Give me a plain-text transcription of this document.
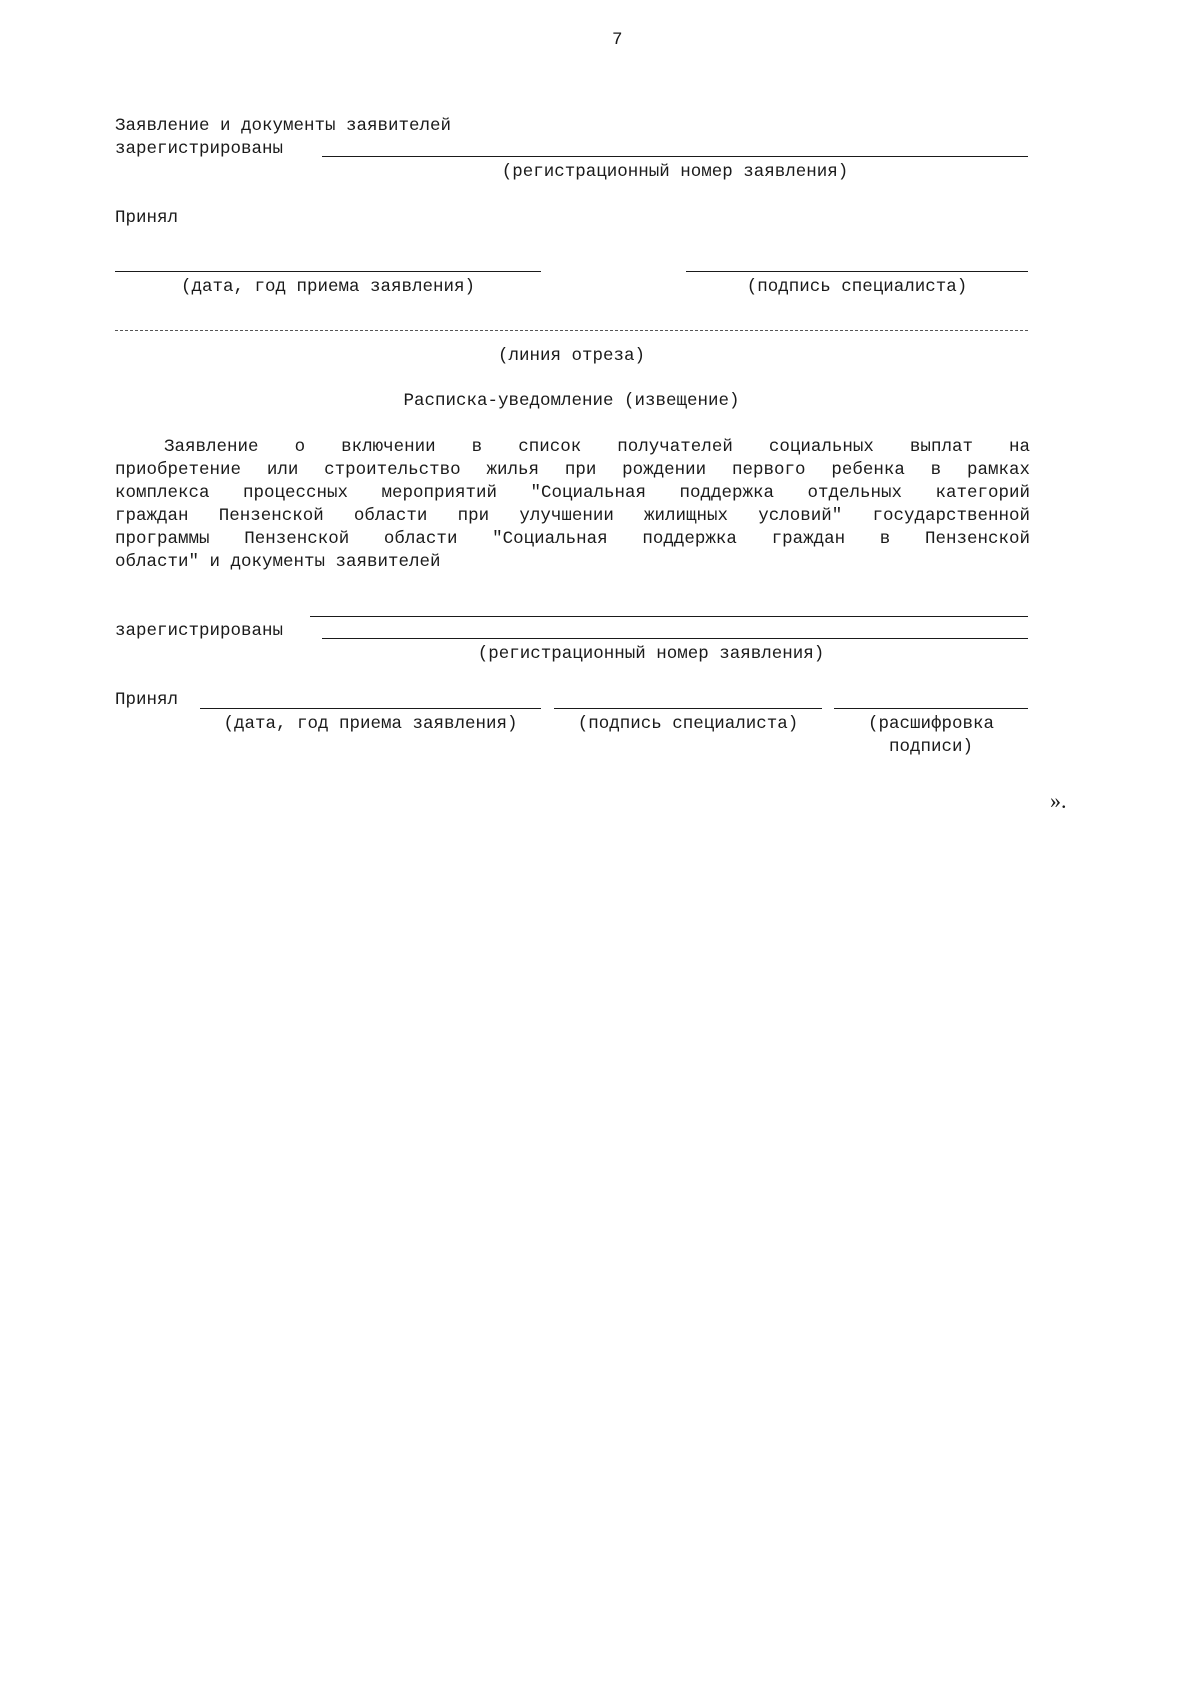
7
Заявление и документы заявителей
зарегистрированы
(регистрационный номер заявления)
Принял
(дата, год приема заявления)	(подпись специалиста)
(линия отреза)
Расписка-уведомление (извещение)
Заявление о включении в список получателей социальных выплат на
приобретение или строительство жилья при рождении первого ребенка в рамках
комплекса процессных мероприятий "Социальная поддержка отдельных категорий
граждан Пензенской области при улучшении жилищных условий" государственной
программы Пензенской области "Социальная поддержка граждан в Пензенской
области" и документы заявителей
зарегистрированы
(регистрационный номер заявления)
Принял
(дата, год приема заявления)	(подпись специалиста)	(расшифровка
подписи)
».
